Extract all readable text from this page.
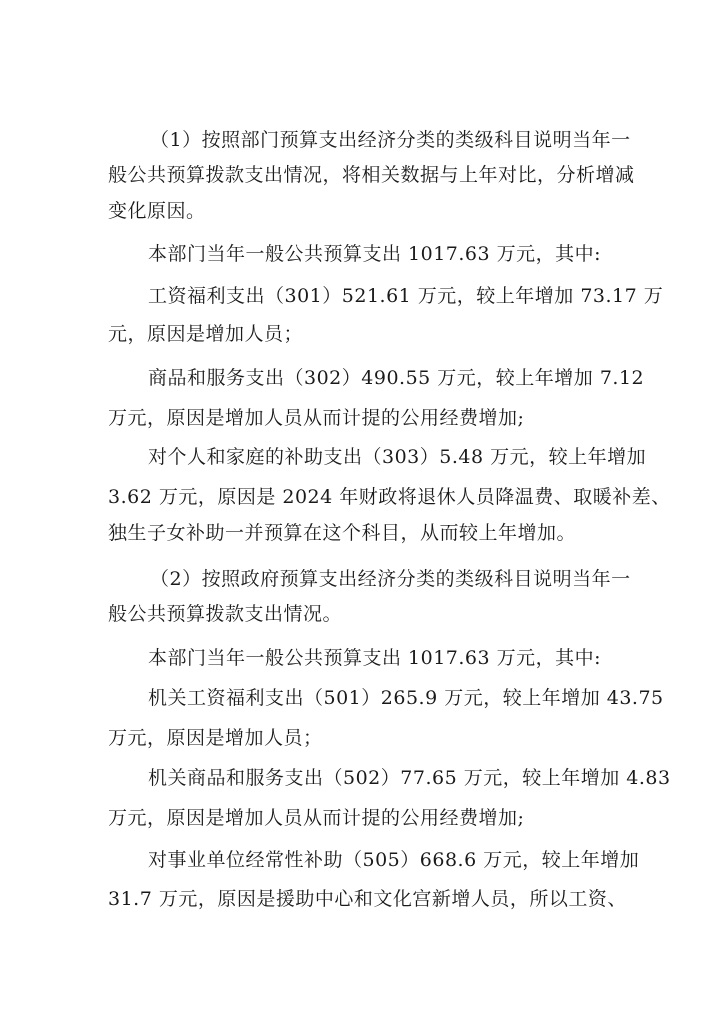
（1）按照部门预算支出经济分类的类级科目说明当年一
般公共预算拨款支出情况，将相关数据与上年对比，分析增减
变化原因。
本部门当年一般公共预算支出 1017.63 万元，其中:
工资福利支出（301）521.61 万元，较上年增加 73.17 万
元，原因是增加人员；
商品和服务支出（302）490.55 万元，较上年增加 7.12
万元，原因是增加人员从而计提的公用经费增加;
对个人和家庭的补助支出（303）5.48 万元，较上年增加
3.62 万元，原因是 2024 年财政将退休人员降温费、取暖补差、
独生子女补助一并预算在这个科目，从而较上年增加。
（2）按照政府预算支出经济分类的类级科目说明当年一
般公共预算拨款支出情况。
本部门当年一般公共预算支出 1017.63 万元，其中:
机关工资福利支出（501）265.9 万元，较上年增加 43.75
万元，原因是增加人员；
机关商品和服务支出（502）77.65 万元，较上年增加 4.83
万元，原因是增加人员从而计提的公用经费增加;
对事业单位经常性补助（505）668.6 万元，较上年增加
31.7 万元，原因是援助中心和文化宫新增人员，所以工资、
